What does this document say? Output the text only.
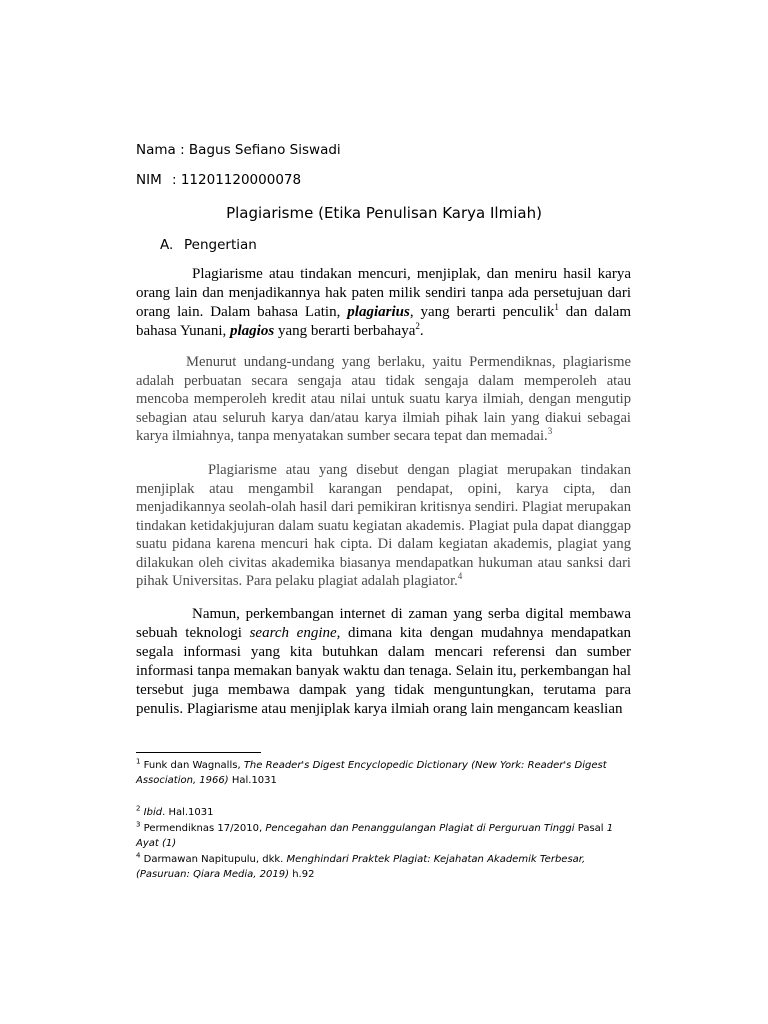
Nama : Bagus Sefiano Siswadi
NIM : 11201120000078
Plagiarisme (Etika Penulisan Karya Ilmiah)
A. Pengertian

Plagiarisme atau tindakan mencuri, menjiplak, dan meniru hasil karya orang lain dan menjadikannya hak paten milik sendiri tanpa ada persetujuan dari orang lain. Dalam bahasa Latin, plagiarius, yang berarti penculik$^1$ dan dalam bahasa Yunani, plagios yang berarti berbahaya$^2$.

Menurut undang-undang yang berlaku, yaitu Permendiknas, plagiarisme adalah perbuatan secara sengaja atau tidak sengaja dalam memperoleh atau mencoba memperoleh kredit atau nilai untuk suatu karya ilmiah, dengan mengutip sebagian atau seluruh karya dan/atau karya ilmiah pihak lain yang diakui sebagai karya ilmiahnya, tanpa menyatakan sumber secara tepat dan memadai.$^3$

Plagiarisme atau yang disebut dengan plagiat merupakan tindakan menjiplak atau mengambil karangan pendapat, opini, karya cipta, dan menjadikannya seolah-olah hasil dari pemikiran kritisnya sendiri. Plagiat merupakan tindakan ketidakjujuran dalam suatu kegiatan akademis. Plagiat pula dapat dianggap suatu pidana karena mencuri hak cipta. Di dalam kegiatan akademis, plagiat yang dilakukan oleh civitas akademika biasanya mendapatkan hukuman atau sanksi dari pihak Universitas. Para pelaku plagiat adalah plagiator.$^4$

Namun, perkembangan internet di zaman yang serba digital membawa sebuah teknologi search engine, dimana kita dengan mudahnya mendapatkan segala informasi yang kita butuhkan dalam mencari referensi dan sumber informasi tanpa memakan banyak waktu dan tenaga. Selain itu, perkembangan hal tersebut juga membawa dampak yang tidak menguntungkan, terutama para penulis. Plagiarisme atau menjiplak karya ilmiah orang lain mengancam keaslian

$^1$ Funk dan Wagnalls, The Reader's Digest Encyclopedic Dictionary (New York: Reader's Digest Association, 1966) Hal.1031
$^2$ Ibid. Hal.1031
$^3$ Permendiknas 17/2010, Pencegahan dan Penanggulangan Plagiat di Perguruan Tinggi Pasal 1 Ayat (1)
$^4$ Darmawan Napitupulu, dkk. Menghindari Praktek Plagiat: Kejahatan Akademik Terbesar, (Pasuruan: Qiara Media, 2019) h.92
